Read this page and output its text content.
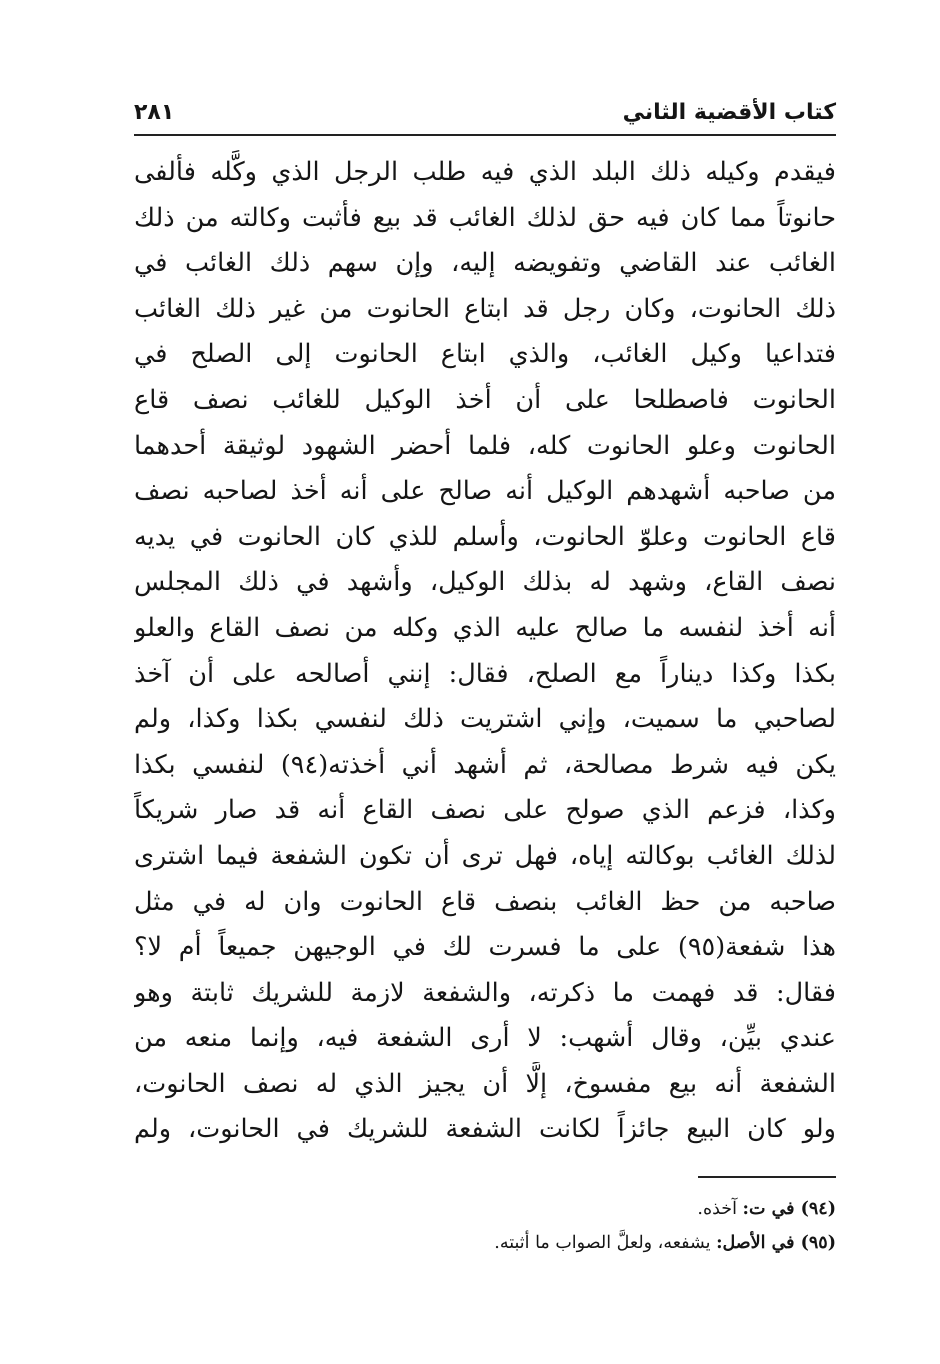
كتاب الأقضية الثاني
٢٨١
فيقدم وكيله ذلك البلد الذي فيه طلب الرجل الذي وكَّله فألفى
حانوتاً مما كان فيه حق لذلك الغائب قد بيع فأثبت وكالته من ذلك
الغائب عند القاضي وتفويضه إليه، وإن سهم ذلك الغائب في
ذلك الحانوت، وكان رجل قد ابتاع الحانوت من غير ذلك الغائب
فتداعيا وكيل الغائب، والذي ابتاع الحانوت إلى الصلح في
الحانوت فاصطلحا على أن أخذ الوكيل للغائب نصف قاع
الحانوت وعلو الحانوت كله، فلما أحضر الشهود لوثيقة أحدهما
من صاحبه أشهدهم الوكيل أنه صالح على أنه أخذ لصاحبه نصف
قاع الحانوت وعلوّ الحانوت، وأسلم للذي كان الحانوت في يديه
نصف القاع، وشهد له بذلك الوكيل، وأشهد في ذلك المجلس
أنه أخذ لنفسه ما صالح عليه الذي وكله من نصف القاع والعلو
بكذا وكذا ديناراً مع الصلح، فقال: إنني أصالحه على أن آخذ
لصاحبي ما سميت، وإني اشتريت ذلك لنفسي بكذا وكذا، ولم
يكن فيه شرط مصالحة، ثم أشهد أني أخذته(٩٤) لنفسي بكذا
وكذا، فزعم الذي صولح على نصف القاع أنه قد صار شريكاً
لذلك الغائب بوكالته إياه، فهل ترى أن تكون الشفعة فيما اشترى
صاحبه من حظ الغائب بنصف قاع الحانوت وان له في مثل
هذا شفعة(٩٥) على ما فسرت لك في الوجيهن جميعاً أم لا؟
فقال: قد فهمت ما ذكرته، والشفعة لازمة للشريك ثابتة وهو
عندي بيِّن، وقال أشهب: لا أرى الشفعة فيه، وإنما منعه من
الشفعة أنه بيع مفسوخ، إلَّا أن يجيز الذي له نصف الحانوت،
ولو كان البيع جائزاً لكانت الشفعة للشريك في الحانوت، ولم
(٩٤) في ت: آخذه.
(٩٥) في الأصل: يشفعه، ولعلَّ الصواب ما أثبته.
